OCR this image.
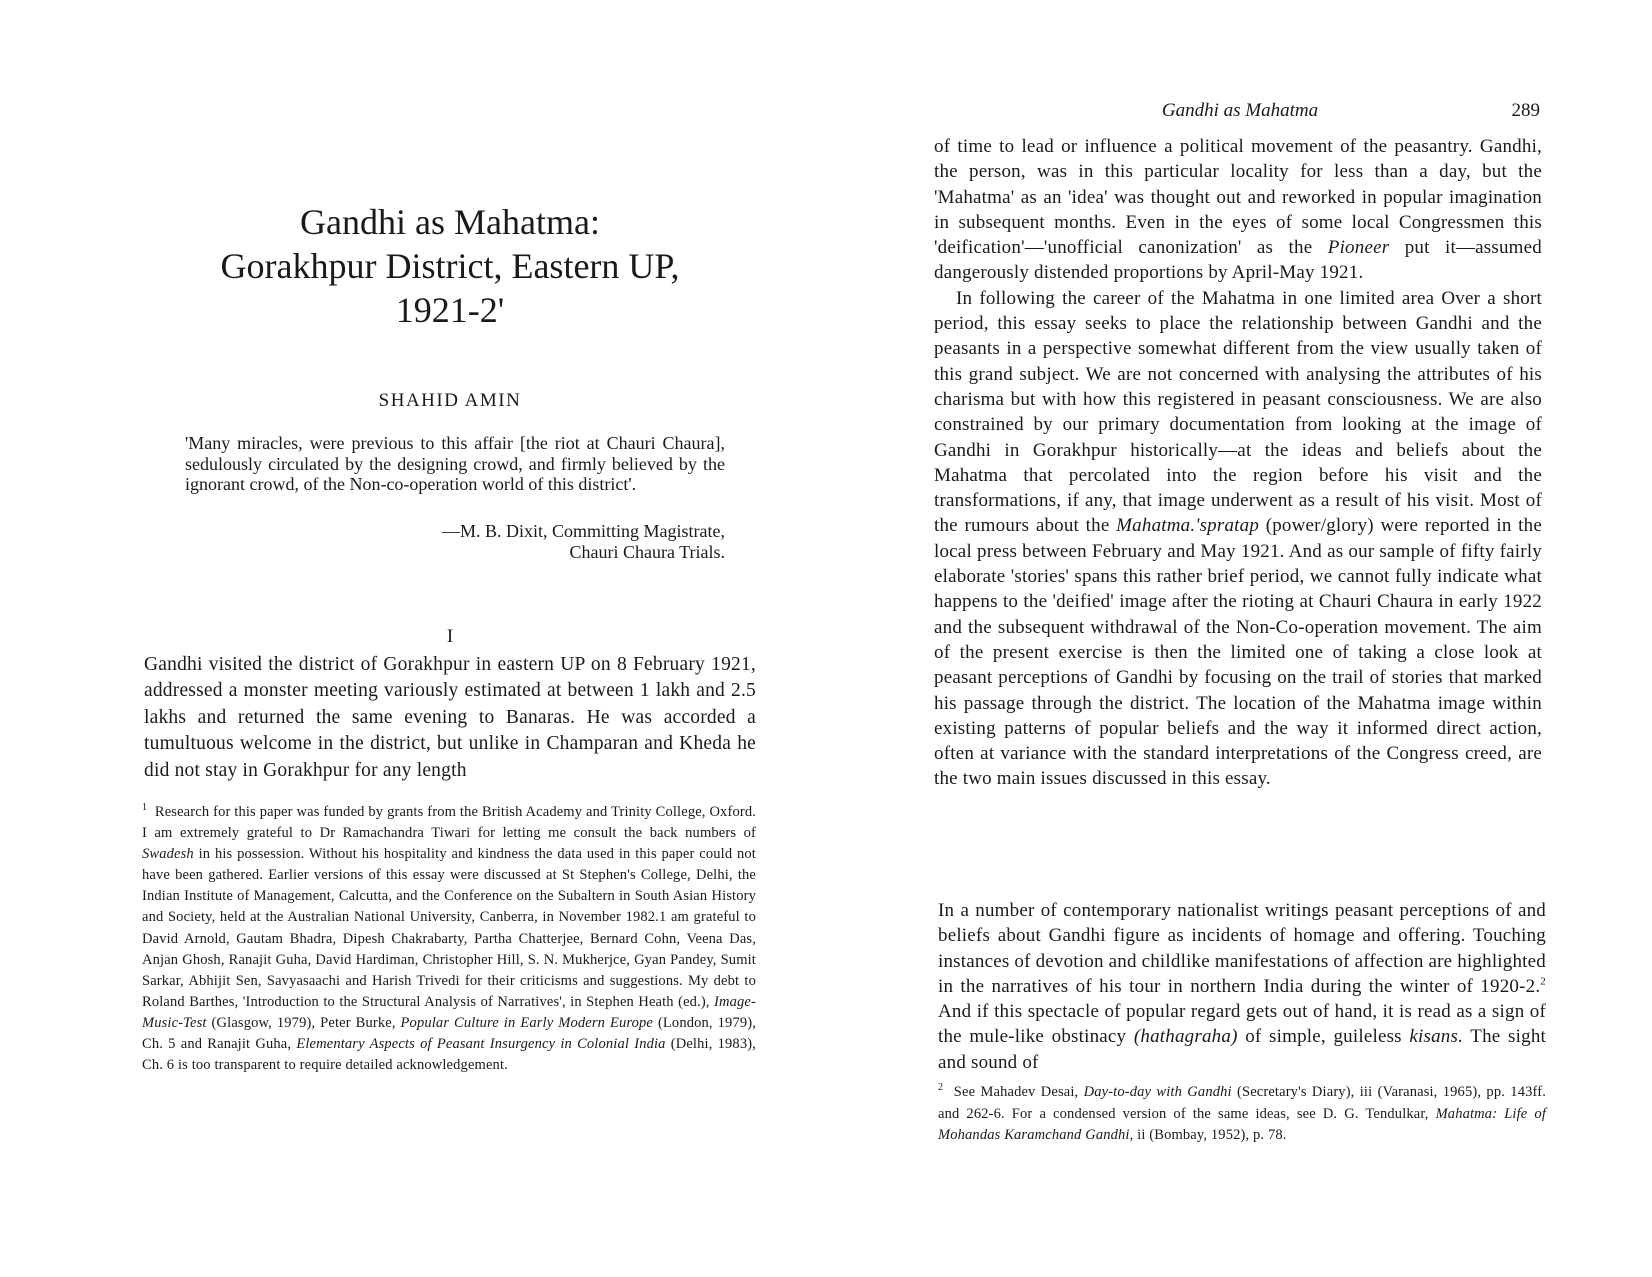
Gandhi as Mahatma:
Gorakhpur District, Eastern UP,
1921-2'
SHAHID AMIN
'Many miracles, were previous to this affair [the riot at Chauri Chaura], sedulously circulated by the designing crowd, and firmly believed by the ignorant crowd, of the Non-co-operation world of this district'.
—M. B. Dixit, Committing Magistrate,
Chauri Chaura Trials.
I
Gandhi visited the district of Gorakhpur in eastern UP on 8 February 1921, addressed a monster meeting variously estimated at between 1 lakh and 2.5 lakhs and returned the same evening to Banaras. He was accorded a tumultuous welcome in the district, but unlike in Champaran and Kheda he did not stay in Gorakhpur for any length
$^1$ Research for this paper was funded by grants from the British Academy and Trinity College, Oxford. I am extremely grateful to Dr Ramachandra Tiwari for letting me consult the back numbers of Swadesh in his possession. Without his hospitality and kindness the data used in this paper could not have been gathered. Earlier versions of this essay were discussed at St Stephen's College, Delhi, the Indian Institute of Management, Calcutta, and the Conference on the Subaltern in South Asian History and Society, held at the Australian National University, Canberra, in November 1982.1 am grateful to David Arnold, Gautam Bhadra, Dipesh Chakrabarty, Partha Chatterjee, Bernard Cohn, Veena Das, Anjan Ghosh, Ranajit Guha, David Hardiman, Christopher Hill, S. N. Mukherjce, Gyan Pandey, Sumit Sarkar, Abhijit Sen, Savyasaachi and Harish Trivedi for their criticisms and suggestions. My debt to Roland Barthes, 'Introduction to the Structural Analysis of Narratives', in Stephen Heath (ed.), Image-Music-Test (Glasgow, 1979), Peter Burke, Popular Culture in Early Modern Europe (London, 1979), Ch. 5 and Ranajit Guha, Elementary Aspects of Peasant Insurgency in Colonial India (Delhi, 1983), Ch. 6 is too transparent to require detailed acknowledgement.
Gandhi as Mahatma	289

of time to lead or influence a political movement of the peasantry. Gandhi, the person, was in this particular locality for less than a day, but the 'Mahatma' as an 'idea' was thought out and reworked in popular imagination in subsequent months. Even in the eyes of some local Congressmen this 'deification'—'unofficial canonization' as the Pioneer put it—assumed dangerously distended proportions by April-May 1921.

In following the career of the Mahatma in one limited area Over a short period, this essay seeks to place the relationship between Gandhi and the peasants in a perspective somewhat different from the view usually taken of this grand subject. We are not concerned with analysing the attributes of his charisma but with how this registered in peasant consciousness. We are also constrained by our primary documentation from looking at the image of Gandhi in Gorakhpur historically—at the ideas and beliefs about the Mahatma that percolated into the region before his visit and the transformations, if any, that image underwent as a result of his visit. Most of the rumours about the Mahatma.'spratap (power/glory) were reported in the local press between February and May 1921. And as our sample of fifty fairly elaborate 'stories' spans this rather brief period, we cannot fully indicate what happens to the 'deified' image after the rioting at Chauri Chaura in early 1922 and the subsequent withdrawal of the Non-Co-operation movement. The aim of the present exercise is then the limited one of taking a close look at peasant perceptions of Gandhi by focusing on the trail of stories that marked his passage through the district. The location of the Mahatma image within existing patterns of popular beliefs and the way it informed direct action, often at variance with the standard interpretations of the Congress creed, are the two main issues discussed in this essay.

In a number of contemporary nationalist writings peasant perceptions of and beliefs about Gandhi figure as incidents of homage and offering. Touching instances of devotion and childlike manifestations of affection are highlighted in the narratives of his tour in northern India during the winter of 1920-2.$^2$ And if this spectacle of popular regard gets out of hand, it is read as a sign of the mule-like obstinacy (hathagraha) of simple, guileless kisans. The sight and sound of

$^2$ See Mahadev Desai, Day-to-day with Gandhi (Secretary's Diary), iii (Varanasi, 1965), pp. 143ff. and 262-6. For a condensed version of the same ideas, see D. G. Tendulkar, Mahatma: Life of Mohandas Karamchand Gandhi, ii (Bombay, 1952), p. 78.
